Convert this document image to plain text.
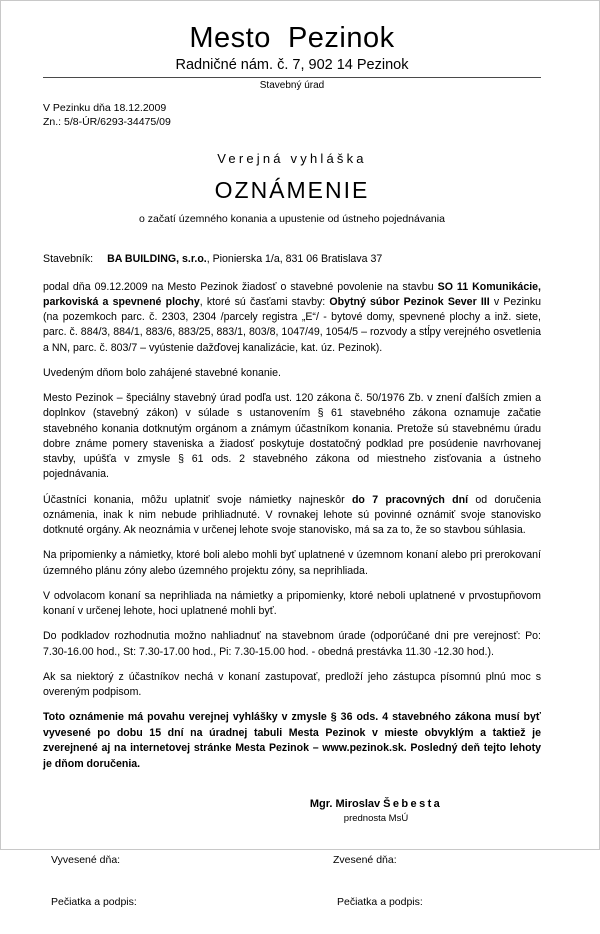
Mesto  Pezinok
Radničné nám. č. 7, 902 14 Pezinok
Stavebný úrad
V Pezinku dňa 18.12.2009
Zn.: 5/8-ÚR/6293-34475/09
Verejná vyhláška
OZNÁMENIE
o začatí územného konania a upustenie od ústneho pojednávania
Stavebník: BA BUILDING, s.r.o., Pionierska 1/a, 831 06 Bratislava 37

podal dňa 09.12.2009 na Mesto Pezinok žiadosť o stavebné povolenie na stavbu SO 11 Komunikácie, parkoviská a spevnené plochy, ktoré sú časťami stavby: Obytný súbor Pezinok Sever III v Pezinku (na pozemkoch parc. č. 2303, 2304 /parcely registra „E“/ - bytové domy, spevnené plochy a inž. siete, parc. č. 884/3, 884/1, 883/6, 883/25, 883/1, 803/8, 1047/49, 1054/5 – rozvody a stĺpy verejného osvetlenia a NN, parc. č. 803/7 – vyústenie dažďovej kanalizácie, kat. úz. Pezinok).

Uvedeným dňom bolo zahájené stavebné konanie.

Mesto Pezinok – špeciálny stavebný úrad podľa ust. 120 zákona č. 50/1976 Zb. v znení ďalších zmien a doplnkov (stavebný zákon) v súlade s ustanovením § 61 stavebného zákona oznamuje začatie stavebného konania dotknutým orgánom a známym účastníkom konania. Pretože sú stavebnému úradu dobre známe pomery staveniska a žiadosť poskytuje dostatočný podklad pre posúdenie navrhovanej stavby, upúšťa v zmysle § 61 ods. 2 stavebného zákona od miestneho zisťovania a ústneho pojednávania.

Účastníci konania, môžu uplatniť svoje námietky najneskôr do 7 pracovných dní od doručenia oznámenia, inak k nim nebude prihliadnuté. V rovnakej lehote sú povinné oznámiť svoje stanovisko dotknuté orgány. Ak neoznámia v určenej lehote svoje stanovisko, má sa za to, že so stavbou súhlasia.

Na pripomienky a námietky, ktoré boli alebo mohli byť uplatnené v územnom konaní alebo pri prerokovaní územného plánu zóny alebo územného projektu zóny, sa neprihliada.

V odvolacom konaní sa neprihliada na námietky a pripomienky, ktoré neboli uplatnené v prvostupňovom konaní v určenej lehote, hoci uplatnené mohli byť.

Do podkladov rozhodnutia možno nahliadnuť na stavebnom úrade (odporúčané dni pre verejnosť: Po: 7.30-16.00 hod., St: 7.30-17.00 hod., Pi: 7.30-15.00 hod. - obedná prestávka 11.30 -12.30 hod.).

Ak sa niektorý z účastníkov nechá v konaní zastupovať, predloží jeho zástupca písomnú plnú moc s overeným podpisom.

Toto oznámenie má povahu verejnej vyhlášky v zmysle § 36 ods. 4 stavebného zákona musí byť vyvesené po dobu 15 dní na úradnej tabuli Mesta Pezinok v mieste obvyklým a taktiež je zverejnené aj na internetovej stránke Mesta Pezinok – www.pezinok.sk. Posledný deň tejto lehoty je dňom doručenia.

Mgr. Miroslav Šebesta
prednosta MsÚ
Vyvesené dňa:	Zvesené dňa:
Pečiatka a podpis:	Pečiatka a podpis:
